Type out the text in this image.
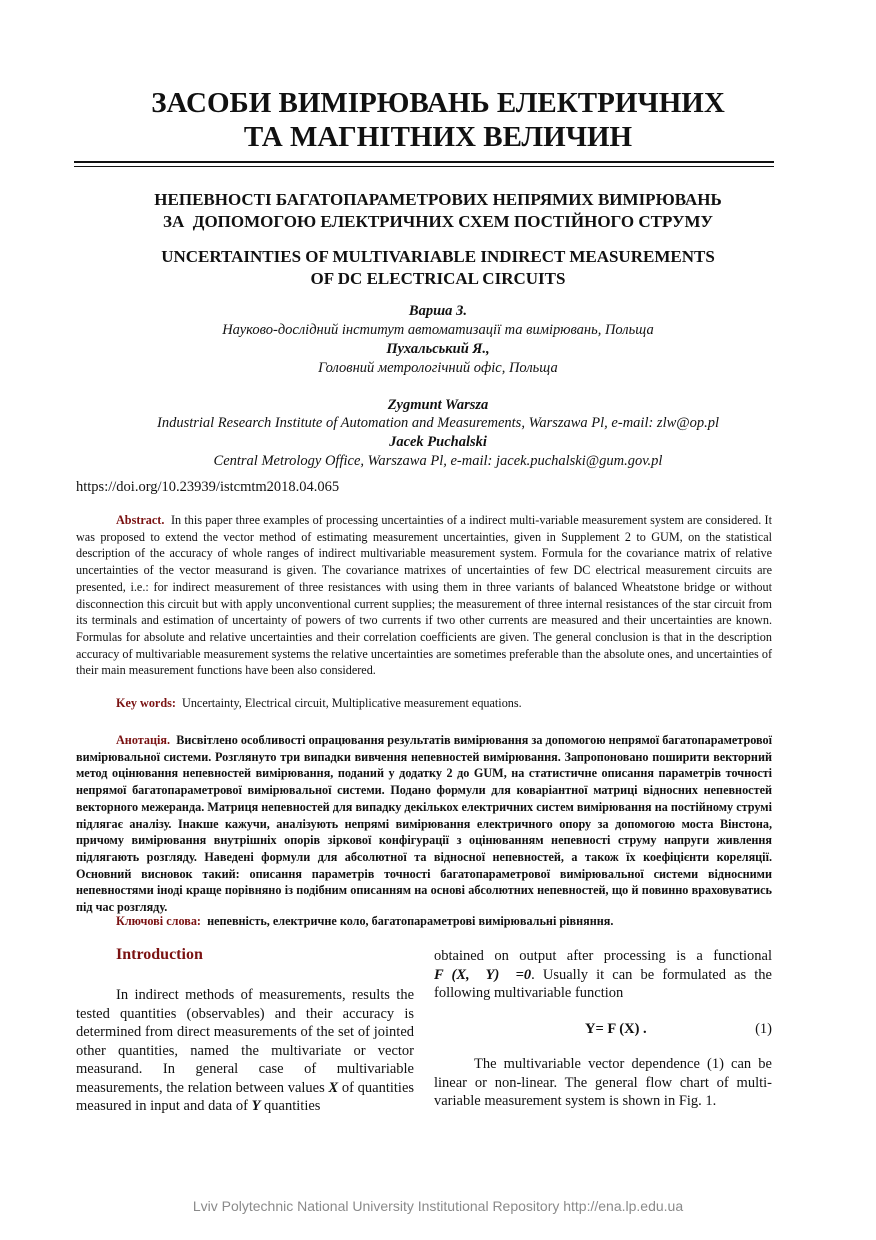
ЗАСОБИ ВИМІРЮВАНЬ ЕЛЕКТРИЧНИХ
ТА МАГНІТНИХ ВЕЛИЧИН
НЕПЕВНОСТІ БАГАТОПАРАМЕТРОВИХ НЕПРЯМИХ ВИМІРЮВАНЬ
ЗА  ДОПОМОГОЮ ЕЛЕКТРИЧНИХ СХЕМ ПОСТІЙНОГО СТРУМУ
UNCERTAINTIES OF MULTIVARIABLE INDIRECT MEASUREMENTS
OF DC ELECTRICAL CIRCUITS

Варша З.

Науково-дослідний інститут автоматизації та вимірювань, Польща

Пухальський Я.,

Головний метрологічний офіс, Польща

Zygmunt Warsza

Industrial Research Institute of Automation and Measurements, Warszawa Pl, e-mail: zlw@op.pl

Jacek Puchalski

Central Metrology Office, Warszawa Pl, e-mail: jacek.puchalski@gum.gov.pl

https://doi.org/10.23939/istcmtm2018.04.065

Abstract. In this paper three examples of processing uncertainties of a indirect multi-variable measurement system are considered. It was proposed to extend the vector method of estimating measurement uncertainties, given in Supplement 2 to GUM, on the statistical description of the accuracy of whole ranges of indirect multivariable measurement system. Formula for the covariance matrix of relative uncertainties of the vector measurand is given. The covariance matrixes of uncertainties of few DC electrical measurement circuits are presented, i.e.: for indirect measurement of three resistances with using them in three variants of balanced Wheatstone bridge or without disconnection this circuit but with apply unconventional current supplies; the measurement of three internal resistances of the star circuit from its terminals and estimation of uncertainty of powers of two currents if two other currents are measured and their uncertainties are known. Formulas for absolute and relative uncertainties and their correlation coefficients are given. The general conclusion is that in the description accuracy of multivariable measurement systems the relative uncertainties are sometimes preferable than the absolute ones, and uncertainties of their main measurement functions have been also considered.

Key words: Uncertainty, Electrical circuit, Multiplicative measurement equations.

Анотація. Висвітлено особливості опрацювання результатів вимірювання за допомогою непрямої багатопараметрової вимірювальної системи. Розглянуто три випадки вивчення непевностей вимірювання. Запропоновано поширити векторний метод оцінювання непевностей вимірювання, поданий у додатку 2 до GUM, на статистичне описання параметрів точності непрямої багатопараметрової вимірювальної системи. Подано формули для коваріантної матриці відносних непевностей векторного межеранда. Матриця непевностей для випадку декількох електричних систем вимірювання на постійному струмі підлягає аналізу. Інакше кажучи, аналізують непрямі вимірювання електричного опору за допомогою моста Вінстона, причому вимірювання внутрішніх опорів зіркової конфігурації з оцінюванням непевності струму напруги живлення підлягають розгляду. Наведені формули для абсолютної та відносної непевностей, а також їх коефіцієнти кореляції. Основний висновок такий: описання параметрів точності багатопараметрової вимірювальної системи відносними непевностями іноді краще порівняно із подібним описанням на основі абсолютних непевностей, що й повинно враховуватись під час розгляду.

Ключові слова: непевність, електричне коло, багатопараметрові вимірювальні рівняння.
Introduction

In indirect methods of measurements, results the tested quantities (observables) and their accuracy is determined from direct measurements of the set of jointed other quantities, named the multivariate or vector measurand. In general case of multivariable measurements, the relation between values X of quantities measured in input and data of Y quantities

obtained on output after processing is a functional F (X,  Y)  =0. Usually it can be formulated as the following multivariable function

Y= F (X) .	(1)

The multivariable vector dependence (1) can be linear or non-linear. The general flow chart of multi-variable measurement system is shown in Fig. 1.

Lviv Polytechnic National University Institutional Repository http://ena.lp.edu.ua
